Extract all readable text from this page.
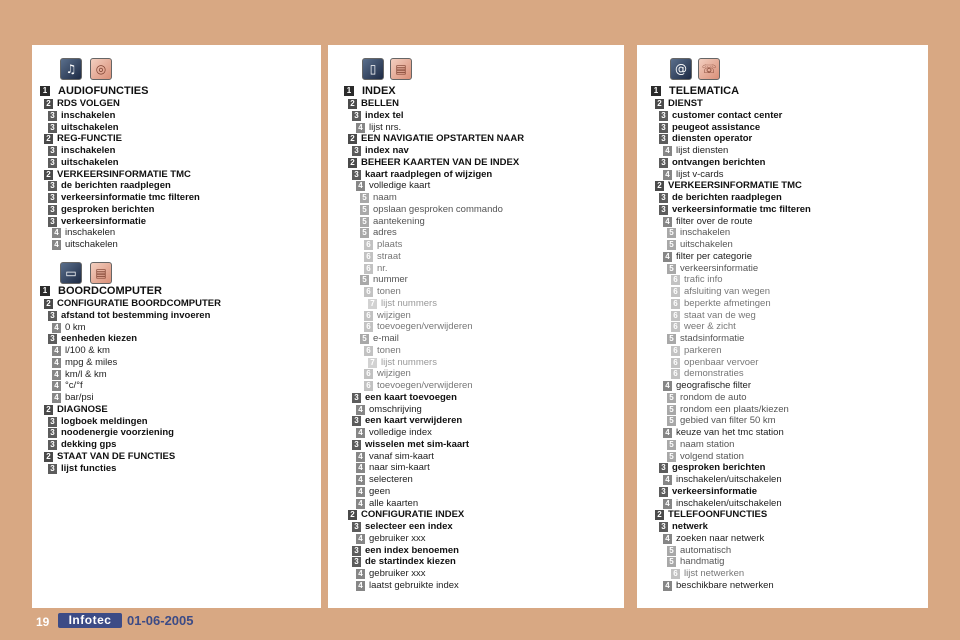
♫	◎
▭	▤
▯	▤	@	☏
1 AUDIOFUNCTIES
2 RDS VOLGEN
3 inschakelen
3 uitschakelen
2 REG-FUNCTIE
3 inschakelen
3 uitschakelen
2 VERKEERSINFORMATIE TMC
3 de berichten raadplegen
3 verkeersinformatie tmc filteren
3 gesproken berichten
3 verkeersinformatie
4 inschakelen
4 uitschakelen
1 BOORDCOMPUTER
2 CONFIGURATIE BOORDCOMPUTER
3 afstand tot bestemming invoeren
4 0 km
3 eenheden kiezen
4 l/100 & km
4 mpg & miles
4 km/l & km
4 °c/°f
4 bar/psi
2 DIAGNOSE
3 logboek meldingen
3 noodenergie voorziening
3 dekking gps
2 STAAT VAN DE FUNCTIES
3 lijst functies
1 INDEX
2 BELLEN
3 index tel
4 lijst nrs.
2 EEN NAVIGATIE OPSTARTEN NAAR
3 index nav
2 BEHEER KAARTEN VAN DE INDEX
3 kaart raadplegen of wijzigen
4 volledige kaart
5 naam
5 opslaan gesproken commando
5 aantekening
5 adres
6 plaats
6 straat
6 nr.
5 nummer
6 tonen
7 lijst nummers
6 wijzigen
6 toevoegen/verwijderen
5 e-mail
6 tonen
7 lijst nummers
6 wijzigen
6 toevoegen/verwijderen
3 een kaart toevoegen
4 omschrijving
3 een kaart verwijderen
4 volledige index
3 wisselen met sim-kaart
4 vanaf sim-kaart
4 naar sim-kaart
4 selecteren
4 geen
4 alle kaarten
2 CONFIGURATIE INDEX
3 selecteer een index
4 gebruiker xxx
3 een index benoemen
3 de startindex kiezen
4 gebruiker xxx
4 laatst gebruikte index
1 TELEMATICA
2 DIENST
3 customer contact center
3 peugeot assistance
3 diensten operator
4 lijst diensten
3 ontvangen berichten
4 lijst v-cards
2 VERKEERSINFORMATIE TMC
3 de berichten raadplegen
3 verkeersinformatie tmc filteren
4 filter over de route
5 inschakelen
5 uitschakelen
4 filter per categorie
5 verkeersinformatie
6 trafic info
6 afsluiting van wegen
6 beperkte afmetingen
6 staat van de weg
6 weer & zicht
5 stadsinformatie
6 parkeren
6 openbaar vervoer
6 demonstraties
4 geografische filter
5 rondom de auto
5 rondom een plaats/kiezen
5 gebied van filter 50 km
4 keuze van het tmc station
5 naam station
5 volgend station
3 gesproken berichten
4 inschakelen/uitschakelen
3 verkeersinformatie
4 inschakelen/uitschakelen
2 TELEFOONFUNCTIES
3 netwerk
4 zoeken naar netwerk
5 automatisch
5 handmatig
6 lijst netwerken
4 beschikbare netwerken
19	Infotec	01-06-2005
